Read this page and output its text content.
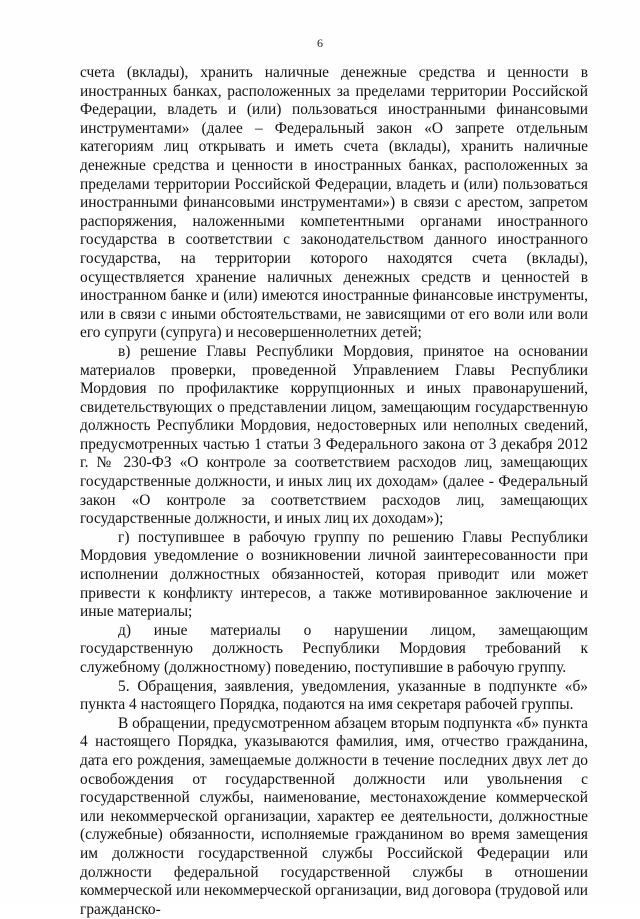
6

счета (вклады), хранить наличные денежные средства и ценности в иностранных банках, расположенных за пределами территории Российской Федерации, владеть и (или) пользоваться иностранными финансовыми инструментами» (далее – Федеральный закон «О запрете отдельным категориям лиц открывать и иметь счета (вклады), хранить наличные денежные средства и ценности в иностранных банках, расположенных за пределами территории Российской Федерации, владеть и (или) пользоваться иностранными финансовыми инструментами») в связи с арестом, запретом распоряжения, наложенными компетентными органами иностранного государства в соответствии с законодательством данного иностранного государства, на территории которого находятся счета (вклады), осуществляется хранение наличных денежных средств и ценностей в иностранном банке и (или) имеются иностранные финансовые инструменты, или в связи с иными обстоятельствами, не зависящими от его воли или воли его супруги (супруга) и несовершеннолетних детей;

в) решение Главы Республики Мордовия, принятое на основании материалов проверки, проведенной Управлением Главы Республики Мордовия по профилактике коррупционных и иных правонарушений, свидетельствующих о представлении лицом, замещающим государственную должность Республики Мордовия, недостоверных или неполных сведений, предусмотренных частью 1 статьи 3 Федерального закона от 3 декабря 2012 г. № 230-ФЗ «О контроле за соответствием расходов лиц, замещающих государственные должности, и иных лиц их доходам» (далее - Федеральный закон «О контроле за соответствием расходов лиц, замещающих государственные должности, и иных лиц их доходам»);

г) поступившее в рабочую группу по решению Главы Республики Мордовия уведомление о возникновении личной заинтересованности при исполнении должностных обязанностей, которая приводит или может привести к конфликту интересов, а также мотивированное заключение и иные материалы;

д) иные материалы о нарушении лицом, замещающим государственную должность Республики Мордовия требований к служебному (должностному) поведению, поступившие в рабочую группу.

5. Обращения, заявления, уведомления, указанные в подпункте «б» пункта 4 настоящего Порядка, подаются на имя секретаря рабочей группы.

В обращении, предусмотренном абзацем вторым подпункта «б» пункта 4 настоящего Порядка, указываются фамилия, имя, отчество гражданина, дата его рождения, замещаемые должности в течение последних двух лет до освобождения от государственной должности или увольнения с государственной службы, наименование, местонахождение коммерческой или некоммерческой организации, характер ее деятельности, должностные (служебные) обязанности, исполняемые гражданином во время замещения им должности государственной службы Российской Федерации или должности федеральной государственной службы в отношении коммерческой или некоммерческой организации, вид договора (трудовой или гражданско-
